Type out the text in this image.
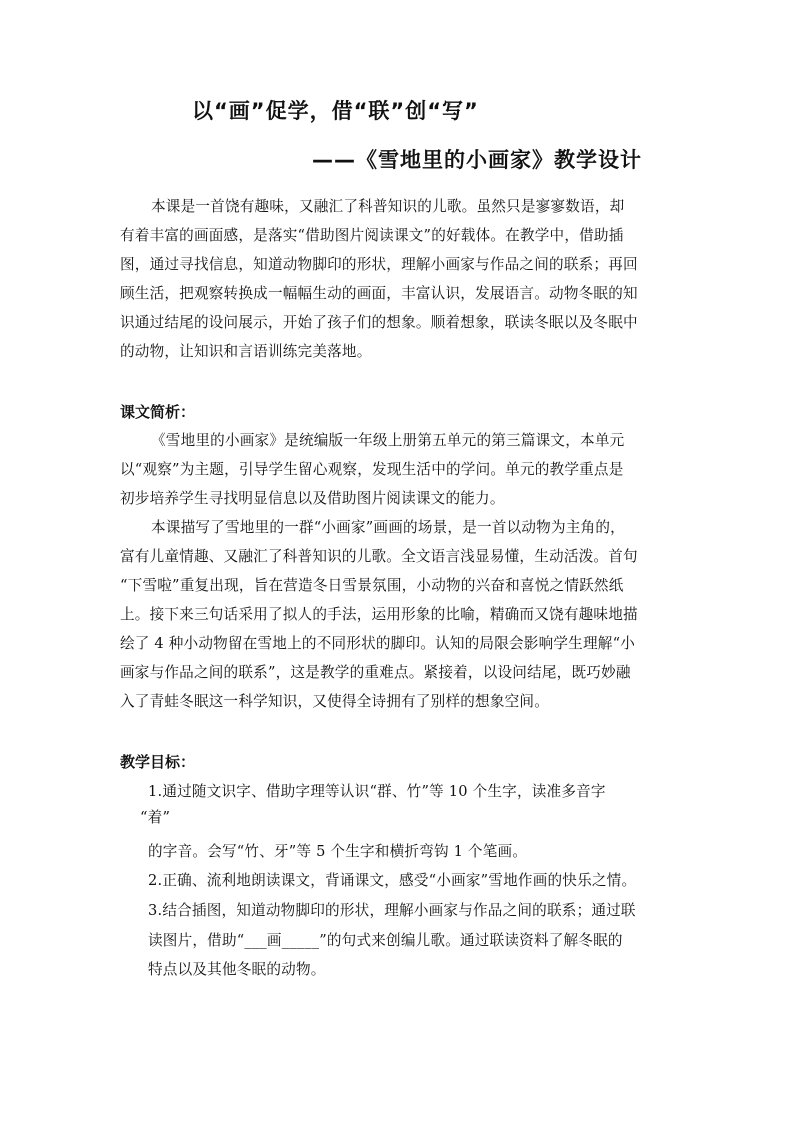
以“画”促学，借“联”创“写”
——《雪地里的小画家》教学设计
本课是一首饶有趣味，又融汇了科普知识的儿歌。虽然只是寥寥数语，却
有着丰富的画面感，是落实“借助图片阅读课文”的好载体。在教学中，借助插
图，通过寻找信息，知道动物脚印的形状，理解小画家与作品之间的联系；再回
顾生活，把观察转换成一幅幅生动的画面，丰富认识，发展语言。动物冬眠的知
识通过结尾的设问展示，开始了孩子们的想象。顺着想象，联读冬眠以及冬眠中
的动物，让知识和言语训练完美落地。
课文简析：
《雪地里的小画家》是统编版一年级上册第五单元的第三篇课文，本单元
以“观察”为主题，引导学生留心观察，发现生活中的学问。单元的教学重点是
初步培养学生寻找明显信息以及借助图片阅读课文的能力。
本课描写了雪地里的一群“小画家”画画的场景，是一首以动物为主角的，
富有儿童情趣、又融汇了科普知识的儿歌。全文语言浅显易懂，生动活泼。首句
“下雪啦”重复出现，旨在营造冬日雪景氛围，小动物的兴奋和喜悦之情跃然纸
上。接下来三句话采用了拟人的手法，运用形象的比喻，精确而又饶有趣味地描
绘了 4 种小动物留在雪地上的不同形状的脚印。认知的局限会影响学生理解“小
画家与作品之间的联系”，这是教学的重难点。紧接着，以设问结尾，既巧妙融
入了青蛙冬眠这一科学知识，又使得全诗拥有了别样的想象空间。
教学目标：
1.通过随文识字、借助字理等认识“群、竹”等 10 个生字，读准多音字
“着”
的字音。会写“竹、牙”等 5 个生字和横折弯钩 1 个笔画。
2.正确、流利地朗读课文，背诵课文，感受“小画家”雪地作画的快乐之情。
3.结合插图，知道动物脚印的形状，理解小画家与作品之间的联系；通过联
读图片，借助“___画_____”的句式来创编儿歌。通过联读资料了解冬眠的
特点以及其他冬眠的动物。
